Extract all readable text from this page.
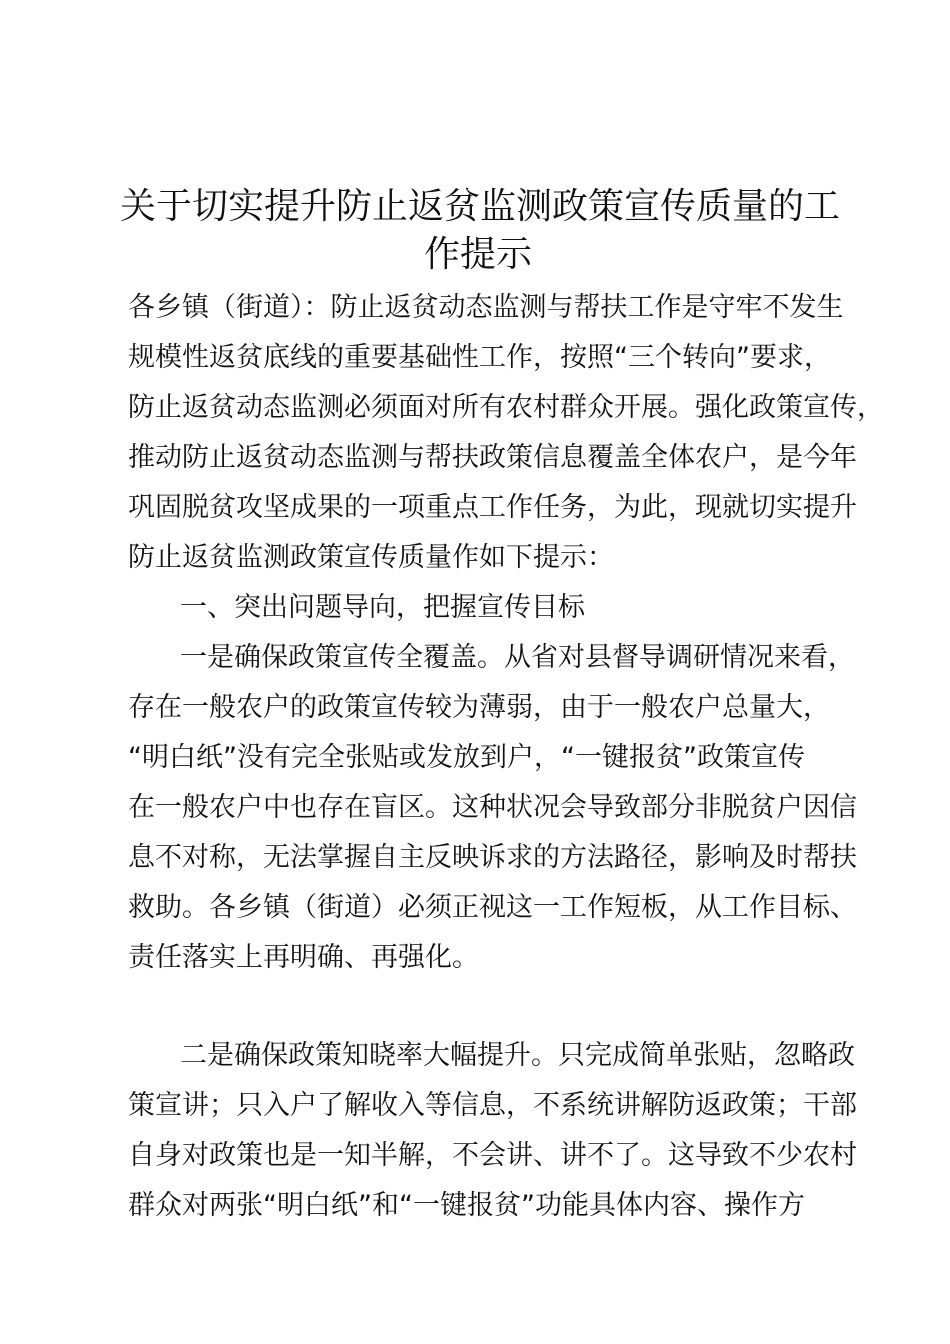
关于切实提升防止返贫监测政策宣传质量的工
作提示

各乡镇（街道）：防止返贫动态监测与帮扶工作是守牢不发生

规模性返贫底线的重要基础性工作，按照“三个转向”要求，

防止返贫动态监测必须面对所有农村群众开展。强化政策宣传，

推动防止返贫动态监测与帮扶政策信息覆盖全体农户，是今年

巩固脱贫攻坚成果的一项重点工作任务，为此，现就切实提升

防止返贫监测政策宣传质量作如下提示：

一、突出问题导向，把握宣传目标

一是确保政策宣传全覆盖。从省对县督导调研情况来看，

存在一般农户的政策宣传较为薄弱，由于一般农户总量大，

“明白纸”没有完全张贴或发放到户，“一键报贫”政策宣传

在一般农户中也存在盲区。这种状况会导致部分非脱贫户因信

息不对称，无法掌握自主反映诉求的方法路径，影响及时帮扶

救助。各乡镇（街道）必须正视这一工作短板，从工作目标、

责任落实上再明确、再强化。

二是确保政策知晓率大幅提升。只完成简单张贴，忽略政

策宣讲；只入户了解收入等信息，不系统讲解防返政策；干部

自身对政策也是一知半解，不会讲、讲不了。这导致不少农村

群众对两张“明白纸”和“一键报贫”功能具体内容、操作方
